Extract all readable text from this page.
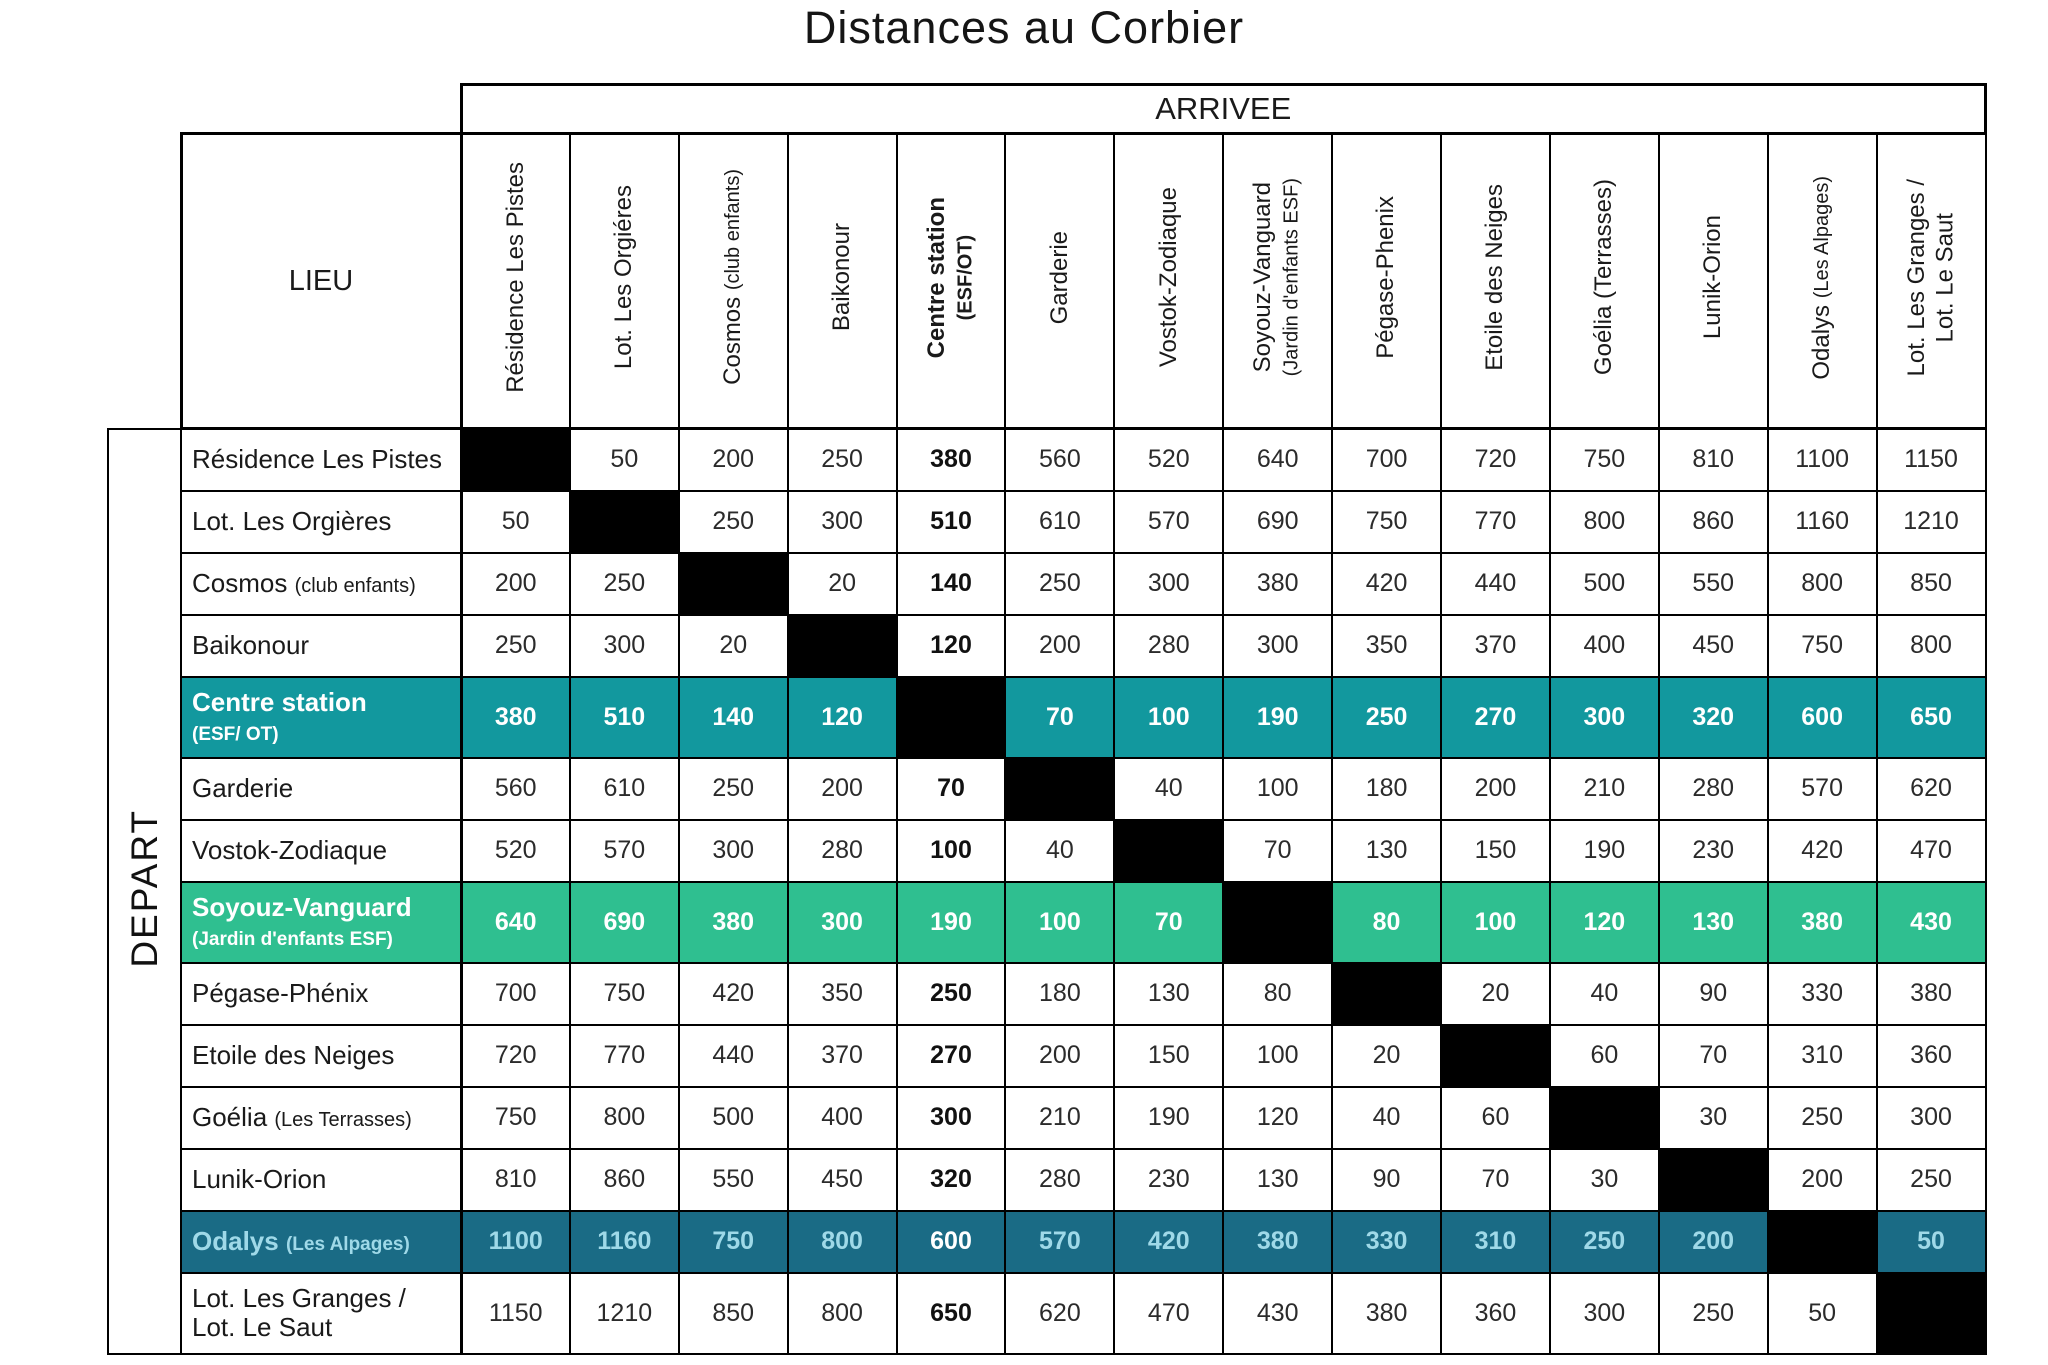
Distances au Corbier
		ARRIVEE													
	LIEU	Résidence Les Pistes	Lot. Les Orgiéres	Cosmos (club enfants)	Baikonour	Centre station (ESF/OT)	Garderie	Vostok-Zodiaque	Soyouz-Vanguard (Jardin d'enfants ESF)	Pégase-Phenix	Etoile des Neiges	Goélia (Terrasses)	Lunik-Orion	Odalys (Les Alpages)	Lot. Les Granges /
Lot. Le Saut
DEPART	Résidence Les Pistes		50	200	250	380	560	520	640	700	720	750	810	1100	1150
	Lot. Les Orgières	50		250	300	510	610	570	690	750	770	800	860	1160	1210
	Cosmos (club enfants)	200	250		20	140	250	300	380	420	440	500	550	800	850
	Baikonour	250	300	20		120	200	280	300	350	370	400	450	750	800
	Centre station
(ESF/ OT)	380	510	140	120		70	100	190	250	270	300	320	600	650
	Garderie	560	610	250	200	70		40	100	180	200	210	280	570	620
	Vostok-Zodiaque	520	570	300	280	100	40		70	130	150	190	230	420	470
	Soyouz-Vanguard
(Jardin d'enfants ESF)	640	690	380	300	190	100	70		80	100	120	130	380	430
	Pégase-Phénix	700	750	420	350	250	180	130	80		20	40	90	330	380
	Etoile des Neiges	720	770	440	370	270	200	150	100	20		60	70	310	360
	Goélia (Les Terrasses)	750	800	500	400	300	210	190	120	40	60		30	250	300
	Lunik-Orion	810	860	550	450	320	280	230	130	90	70	30		200	250
	Odalys (Les Alpages)	1100	1160	750	800	600	570	420	380	330	310	250	200		50
	Lot. Les Granges /
Lot. Le Saut	1150	1210	850	800	650	620	470	430	380	360	300	250	50	
